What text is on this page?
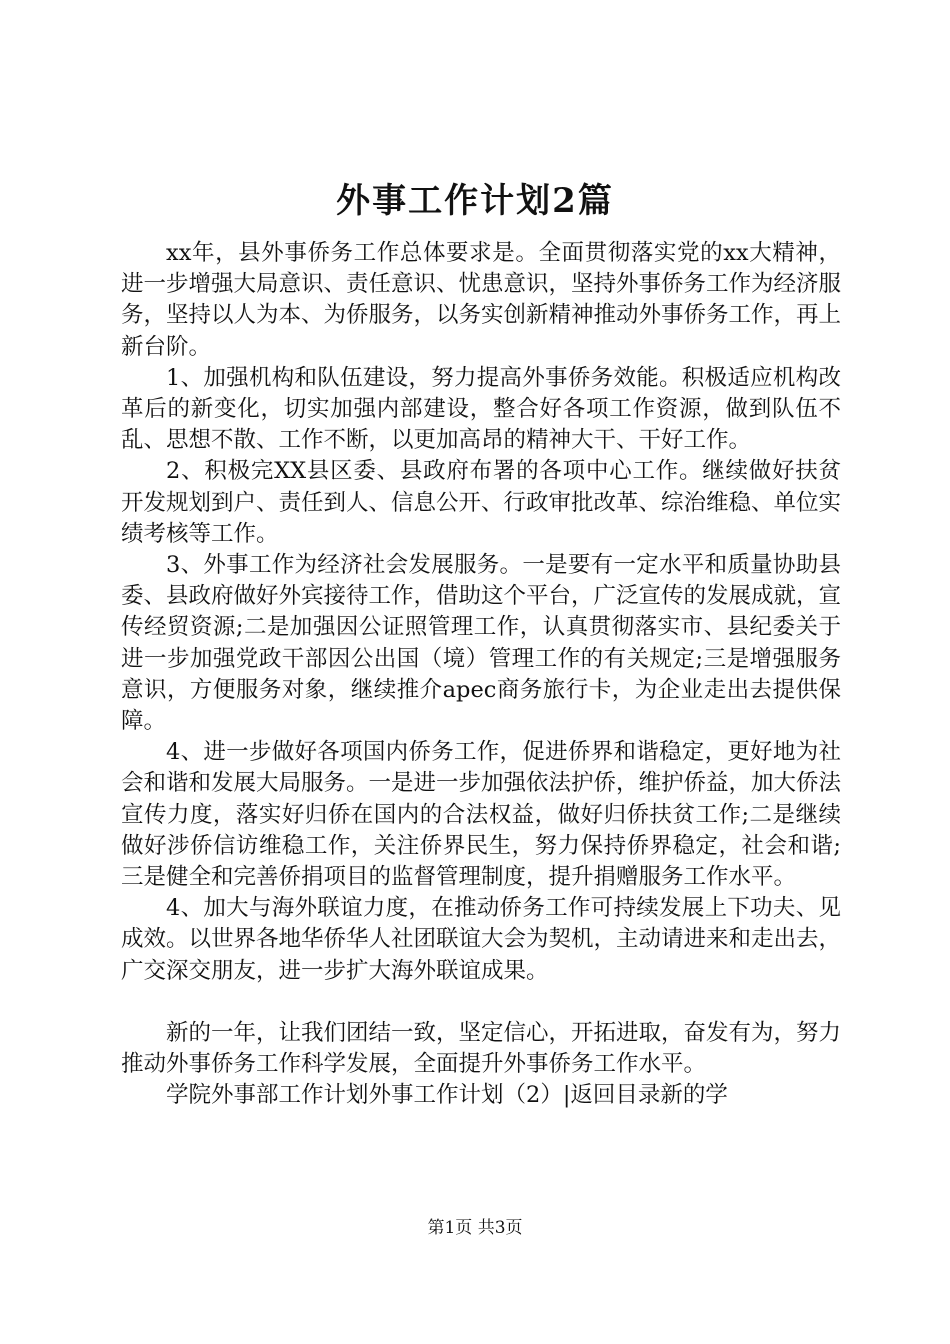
外事工作计划2篇

xx年，县外事侨务工作总体要求是。全面贯彻落实党的xx大精神，进一步增强大局意识、责任意识、忧患意识，坚持外事侨务工作为经济服务，坚持以人为本、为侨服务，以务实创新精神推动外事侨务工作，再上新台阶。

1、加强机构和队伍建设，努力提高外事侨务效能。积极适应机构改革后的新变化，切实加强内部建设，整合好各项工作资源，做到队伍不乱、思想不散、工作不断，以更加高昂的精神大干、干好工作。

2、积极完XX县区委、县政府布署的各项中心工作。继续做好扶贫开发规划到户、责任到人、信息公开、行政审批改革、综治维稳、单位实绩考核等工作。

3、外事工作为经济社会发展服务。一是要有一定水平和质量协助县委、县政府做好外宾接待工作，借助这个平台，广泛宣传的发展成就，宣传经贸资源;二是加强因公证照管理工作，认真贯彻落实市、县纪委关于进一步加强党政干部因公出国（境）管理工作的有关规定;三是增强服务意识，方便服务对象，继续推介apec商务旅行卡，为企业走出去提供保障。

4、进一步做好各项国内侨务工作，促进侨界和谐稳定，更好地为社会和谐和发展大局服务。一是进一步加强依法护侨，维护侨益，加大侨法宣传力度，落实好归侨在国内的合法权益，做好归侨扶贫工作;二是继续做好涉侨信访维稳工作，关注侨界民生，努力保持侨界稳定，社会和谐;三是健全和完善侨捐项目的监督管理制度，提升捐赠服务工作水平。

4、加大与海外联谊力度，在推动侨务工作可持续发展上下功夫、见成效。以世界各地华侨华人社团联谊大会为契机，主动请进来和走出去，广交深交朋友，进一步扩大海外联谊成果。

新的一年，让我们团结一致，坚定信心，开拓进取，奋发有为，努力推动外事侨务工作科学发展，全面提升外事侨务工作水平。

学院外事部工作计划外事工作计划（2）|返回目录新的学

第1页 共3页
